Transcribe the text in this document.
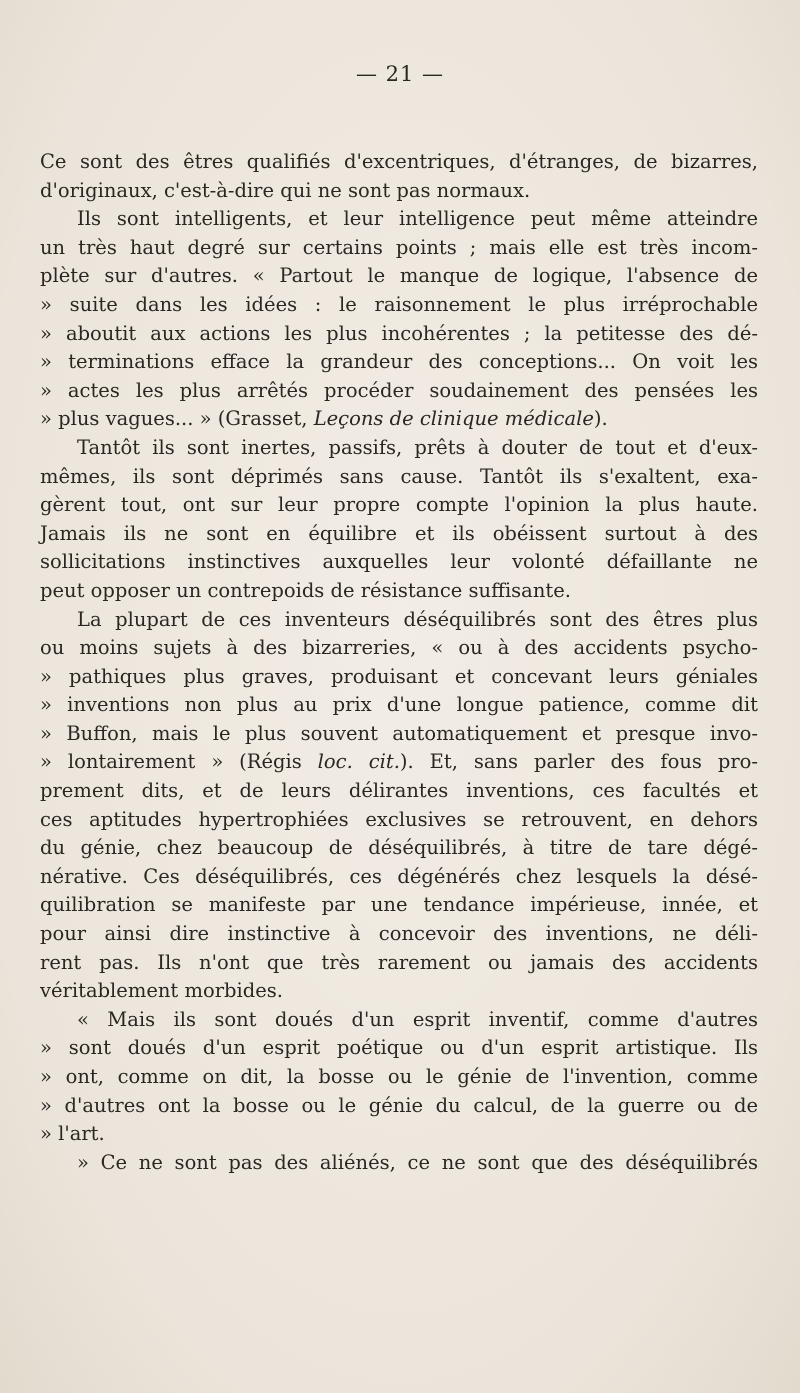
— 21 —
Ce sont des êtres qualifiés d'excentriques, d'étranges, de bizarres,
d'originaux, c'est-à-dire qui ne sont pas normaux.
Ils sont intelligents, et leur intelligence peut même atteindre
un très haut degré sur certains points ; mais elle est très incom-
plète sur d'autres. « Partout le manque de logique, l'absence de
» suite dans les idées : le raisonnement le plus irréprochable
» aboutit aux actions les plus incohérentes ; la petitesse des dé-
» terminations efface la grandeur des conceptions... On voit les
» actes les plus arrêtés procéder soudainement des pensées les
» plus vagues... » (Grasset, Leçons de clinique médicale).
Tantôt ils sont inertes, passifs, prêts à douter de tout et d'eux-
mêmes, ils sont déprimés sans cause. Tantôt ils s'exaltent, exa-
gèrent tout, ont sur leur propre compte l'opinion la plus haute.
Jamais ils ne sont en équilibre et ils obéissent surtout à des
sollicitations instinctives auxquelles leur volonté défaillante ne
peut opposer un contrepoids de résistance suffisante.
La plupart de ces inventeurs déséquilibrés sont des êtres plus
ou moins sujets à des bizarreries, « ou à des accidents psycho-
» pathiques plus graves, produisant et concevant leurs géniales
» inventions non plus au prix d'une longue patience, comme dit
» Buffon, mais le plus souvent automatiquement et presque invo-
» lontairement » (Régis loc. cit.). Et, sans parler des fous pro-
prement dits, et de leurs délirantes inventions, ces facultés et
ces aptitudes hypertrophiées exclusives se retrouvent, en dehors
du génie, chez beaucoup de déséquilibrés, à titre de tare dégé-
nérative. Ces déséquilibrés, ces dégénérés chez lesquels la désé-
quilibration se manifeste par une tendance impérieuse, innée, et
pour ainsi dire instinctive à concevoir des inventions, ne déli-
rent pas. Ils n'ont que très rarement ou jamais des accidents
véritablement morbides.
« Mais ils sont doués d'un esprit inventif, comme d'autres
» sont doués d'un esprit poétique ou d'un esprit artistique. Ils
» ont, comme on dit, la bosse ou le génie de l'invention, comme
» d'autres ont la bosse ou le génie du calcul, de la guerre ou de
» l'art.
» Ce ne sont pas des aliénés, ce ne sont que des déséquilibrés
